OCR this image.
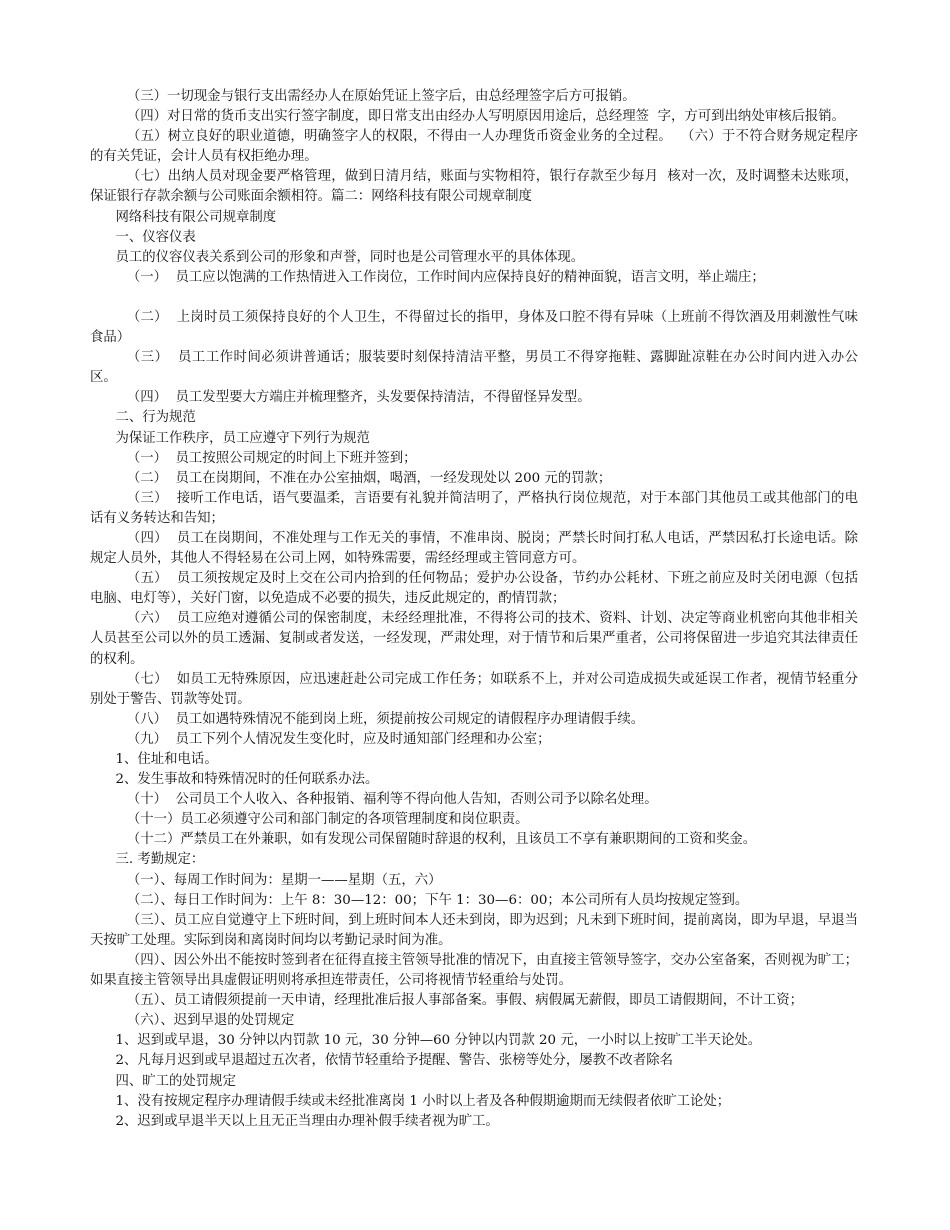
（三）一切现金与银行支出需经办人在原始凭证上签字后，由总经理签字后方可报销。

（四）对日常的货币支出实行签字制度，即日常支出由经办人写明原因用途后，总经理签  字，方可到出纳处审核后报销。

（五）树立良好的职业道德，明确签字人的权限，不得由一人办理货币资金业务的全过程。  （六）于不符合财务规定程序的有关凭证，会计人员有权拒绝办理。

（七）出纳人员对现金要严格管理，做到日清月结，账面与实物相符，银行存款至少每月  核对一次，及时调整未达账项，保证银行存款余额与公司账面余额相符。篇二：网络科技有限公司规章制度

网络科技有限公司规章制度

一、仪容仪表

员工的仪容仪表关系到公司的形象和声誉，同时也是公司管理水平的具体体现。

（一）  员工应以饱满的工作热情进入工作岗位，工作时间内应保持良好的精神面貌，语言文明，举止端庄；

（二）  上岗时员工须保持良好的个人卫生，不得留过长的指甲，身体及口腔不得有异味（上班前不得饮酒及用刺激性气味食品）

（三）  员工工作时间必须讲普通话；服装要时刻保持清洁平整，男员工不得穿拖鞋、露脚趾凉鞋在办公时间内进入办公区。

（四）  员工发型要大方端庄并梳理整齐，头发要保持清洁，不得留怪异发型。

二、行为规范

为保证工作秩序，员工应遵守下列行为规范

（一）  员工按照公司规定的时间上下班并签到；

（二）  员工在岗期间，不准在办公室抽烟，喝酒，一经发现处以 200 元的罚款；

（三）  接听工作电话，语气要温柔，言语要有礼貌并简洁明了，严格执行岗位规范，对于本部门其他员工或其他部门的电话有义务转达和告知；

（四）  员工在岗期间，不准处理与工作无关的事情，不准串岗、脱岗；严禁长时间打私人电话，严禁因私打长途电话。除规定人员外，其他人不得轻易在公司上网，如特殊需要，需经经理或主管同意方可。

（五）  员工须按规定及时上交在公司内拾到的任何物品；爱护办公设备，节约办公耗材、下班之前应及时关闭电源（包括电脑、电灯等），关好门窗，以免造成不必要的损失，违反此规定的，酌情罚款；

（六）  员工应绝对遵循公司的保密制度，未经经理批准，不得将公司的技术、资料、计划、决定等商业机密向其他非相关人员甚至公司以外的员工透漏、复制或者发送，一经发现，严肃处理，对于情节和后果严重者，公司将保留进一步追究其法律责任的权利。

（七）  如员工无特殊原因，应迅速赶赴公司完成工作任务；如联系不上，并对公司造成损失或延误工作者，视情节轻重分别处于警告、罚款等处罚。

（八）  员工如遇特殊情况不能到岗上班，须提前按公司规定的请假程序办理请假手续。

（九）  员工下列个人情况发生变化时，应及时通知部门经理和办公室；

1、住址和电话。

2、发生事故和特殊情况时的任何联系办法。

（十）  公司员工个人收入、各种报销、福利等不得向他人告知，否则公司予以除名处理。

（十一）员工必须遵守公司和部门制定的各项管理制度和岗位职责。

（十二）严禁员工在外兼职，如有发现公司保留随时辞退的权利，且该员工不享有兼职期间的工资和奖金。

三. 考勤规定：

（一）、每周工作时间为：星期一——星期（五，六）

（二）、每日工作时间为：上午 8：30—12：00；下午 1：30—6：00；本公司所有人员均按规定签到。

（三）、员工应自觉遵守上下班时间，到上班时间本人还未到岗，即为迟到；凡未到下班时间，提前离岗，即为早退，早退当天按旷工处理。实际到岗和离岗时间均以考勤记录时间为准。

（四）、因公外出不能按时签到者在征得直接主管领导批准的情况下，由直接主管领导签字，交办公室备案，否则视为旷工；如果直接主管领导出具虚假证明则将承担连带责任，公司将视情节轻重给与处罚。

（五）、员工请假须提前一天申请，经理批准后报人事部备案。事假、病假属无薪假，即员工请假期间，不计工资；

（六）、迟到早退的处罚规定

1、迟到或早退，30 分钟以内罚款 10 元，30 分钟—60 分钟以内罚款 20 元，一小时以上按旷工半天论处。

2、凡每月迟到或早退超过五次者，依情节轻重给予提醒、警告、张榜等处分，屡教不改者除名

四、旷工的处罚规定

1、没有按规定程序办理请假手续或未经批准离岗 1 小时以上者及各种假期逾期而无续假者依旷工论处；

2、迟到或早退半天以上且无正当理由办理补假手续者视为旷工。
